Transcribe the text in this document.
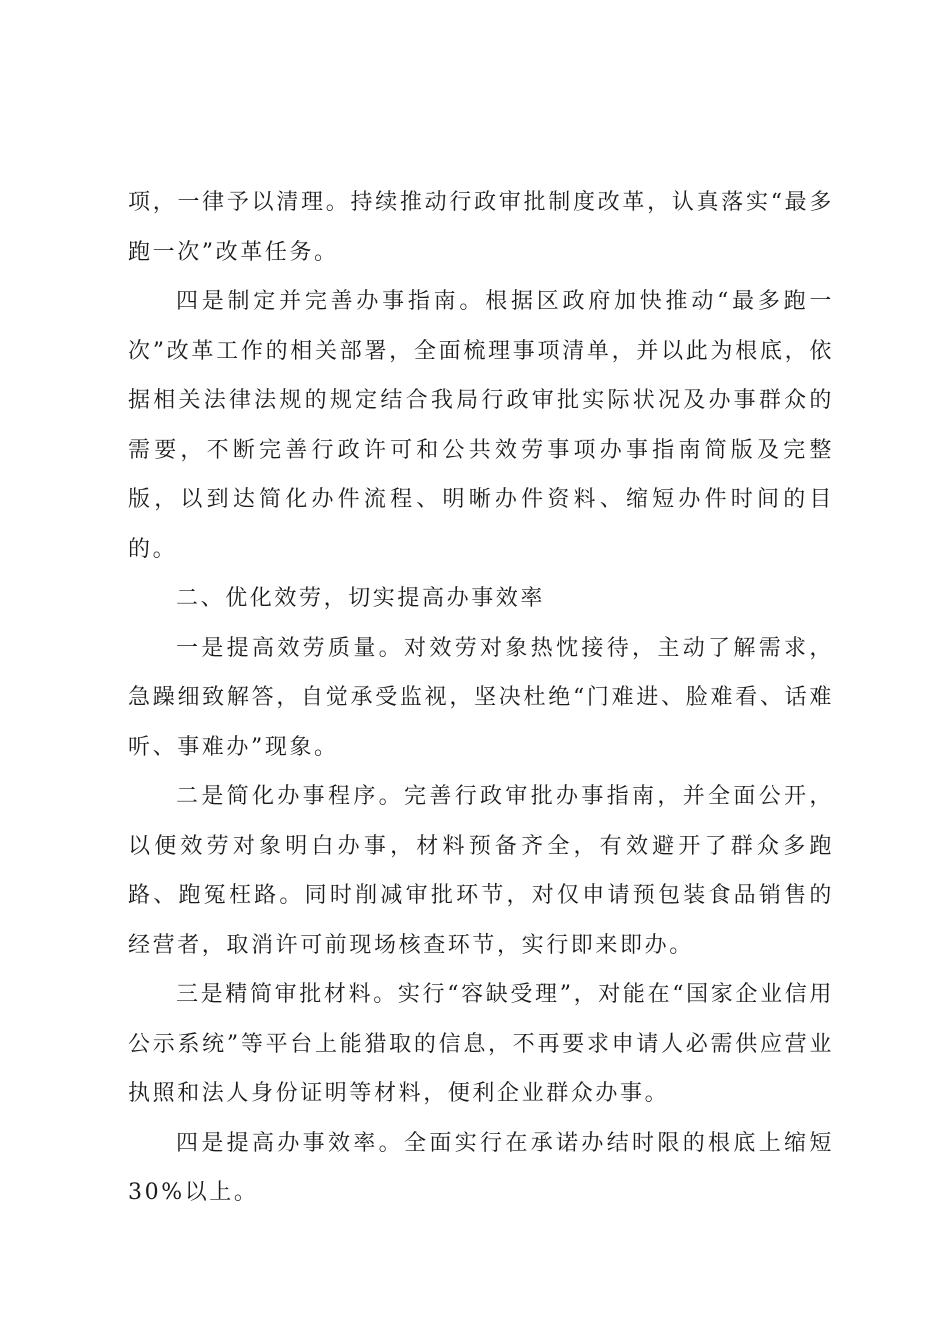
项，一律予以清理。持续推动行政审批制度改革，认真落实“最多跑一次”改革任务。

四是制定并完善办事指南。根据区政府加快推动“最多跑一次”改革工作的相关部署，全面梳理事项清单，并以此为根底，依据相关法律法规的规定结合我局行政审批实际状况及办事群众的需要，不断完善行政许可和公共效劳事项办事指南简版及完整版，以到达简化办件流程、明晰办件资料、缩短办件时间的目的。

二、优化效劳，切实提高办事效率

一是提高效劳质量。对效劳对象热忱接待，主动了解需求，急躁细致解答，自觉承受监视，坚决杜绝“门难进、脸难看、话难听、事难办”现象。

二是简化办事程序。完善行政审批办事指南，并全面公开，以便效劳对象明白办事，材料预备齐全，有效避开了群众多跑路、跑冤枉路。同时削减审批环节，对仅申请预包装食品销售的经营者，取消许可前现场核查环节，实行即来即办。

三是精简审批材料。实行“容缺受理”，对能在“国家企业信用公示系统”等平台上能猎取的信息，不再要求申请人必需供应营业执照和法人身份证明等材料，便利企业群众办事。

四是提高办事效率。全面实行在承诺办结时限的根底上缩短 30%以上。
